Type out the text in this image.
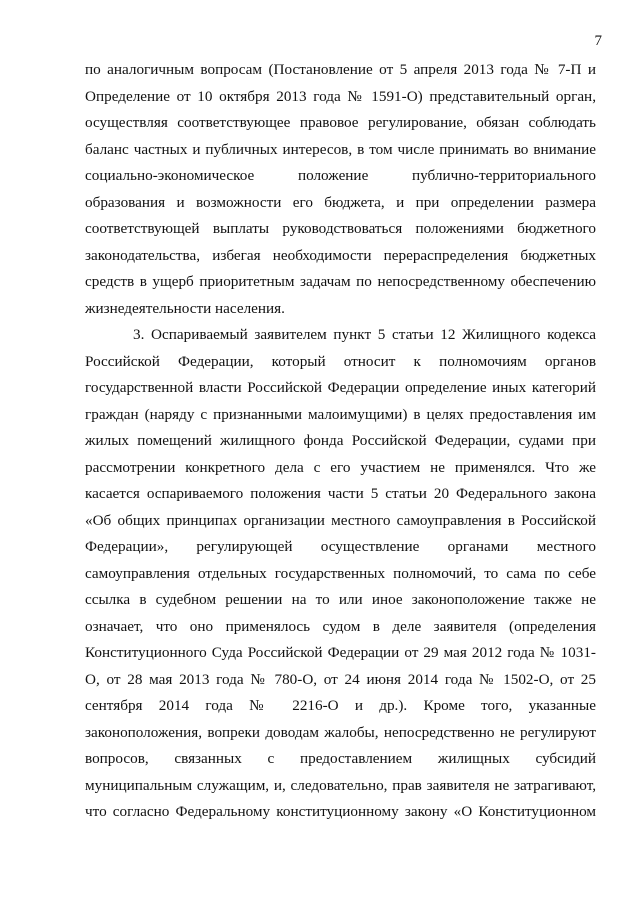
7
по аналогичным вопросам (Постановление от 5 апреля 2013 года № 7-П и
Определение от 10 октября 2013 года № 1591-О) представительный орган,
осуществляя соответствующее правовое регулирование, обязан соблюдать
баланс частных и публичных интересов, в том числе принимать во внимание
социально-экономическое положение публично-территориального
образования и возможности его бюджета, и при определении размера
соответствующей выплаты руководствоваться положениями бюджетного
законодательства, избегая необходимости перераспределения бюджетных
средств в ущерб приоритетным задачам по непосредственному обеспечению
жизнедеятельности населения.
3. Оспариваемый заявителем пункт 5 статьи 12 Жилищного кодекса
Российской Федерации, который относит к полномочиям органов
государственной власти Российской Федерации определение иных категорий
граждан (наряду с признанными малоимущими) в целях предоставления им
жилых помещений жилищного фонда Российской Федерации, судами при
рассмотрении конкретного дела с его участием не применялся. Что же
касается оспариваемого положения части 5 статьи 20 Федерального закона
«Об общих принципах организации местного самоуправления в Российской
Федерации», регулирующей осуществление органами местного
самоуправления отдельных государственных полномочий, то сама по себе
ссылка в судебном решении на то или иное законоположение также не
означает, что оно применялось судом в деле заявителя (определения
Конституционного Суда Российской Федерации от 29 мая 2012 года № 1031-
О, от 28 мая 2013 года № 780-О, от 24 июня 2014 года № 1502-О, от 25
сентября 2014 года № 2216-О и др.). Кроме того, указанные
законоположения, вопреки доводам жалобы, непосредственно не регулируют
вопросов, связанных с предоставлением жилищных субсидий
муниципальным служащим, и, следовательно, прав заявителя не затрагивают,
что согласно Федеральному конституционному закону «О Конституционном
